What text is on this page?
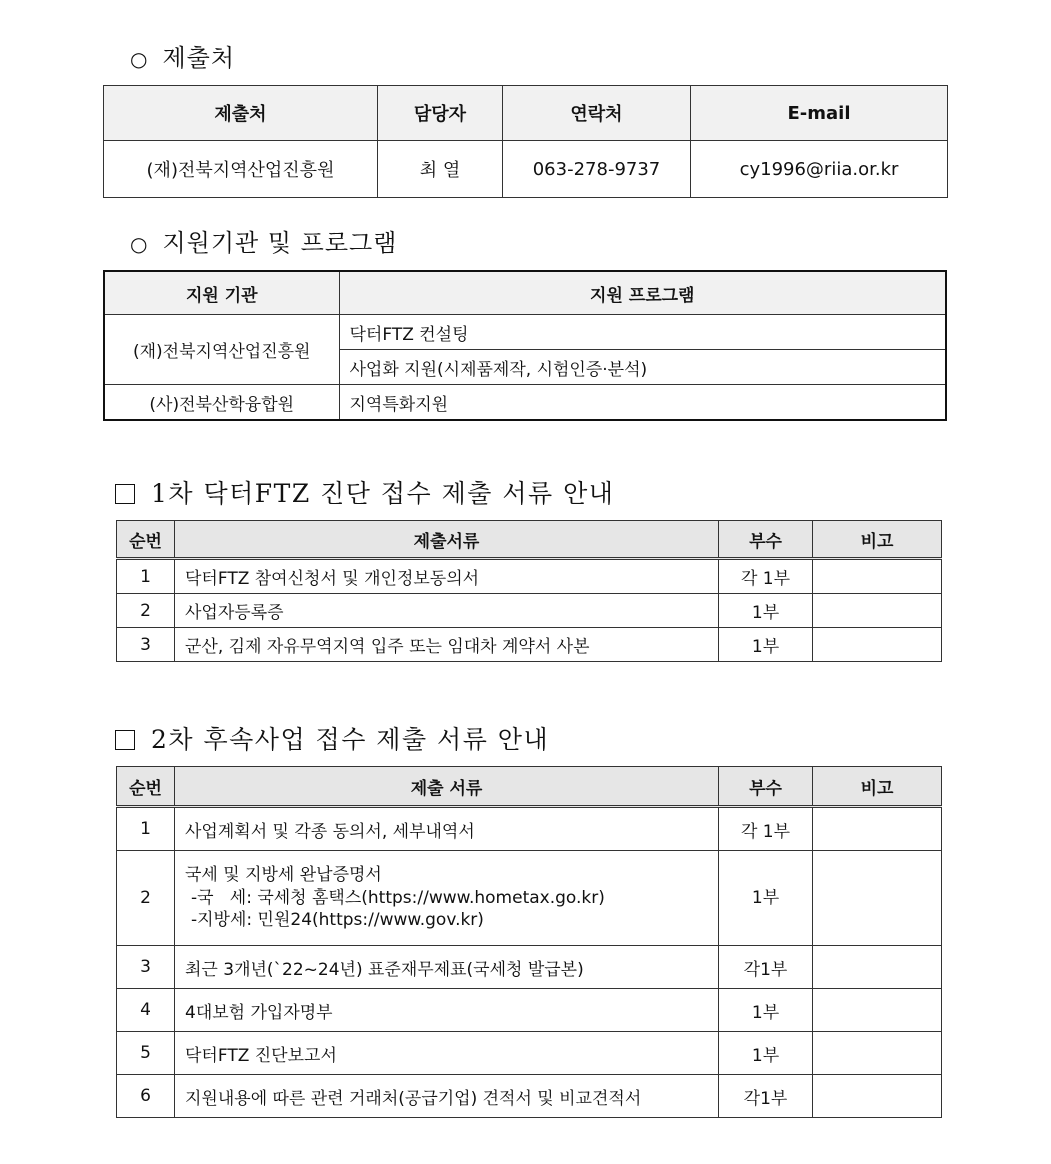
○ 제출처
제출처	담당자	연락처	E-mail
(재)전북지역산업진흥원	최 열	063-278-9737	cy1996@riia.or.kr
○ 지원기관 및 프로그램
지원 기관	지원 프로그램
(재)전북지역산업진흥원	닥터FTZ 컨설팅
	사업화 지원(시제품제작, 시험인증·분석)
(사)전북산학융합원	지역특화지원
1차 닥터FTZ 진단 접수 제출 서류 안내
순번	제출서류	부수	비고
1	닥터FTZ 참여신청서 및 개인정보동의서	각 1부	
2	사업자등록증	1부	
3	군산, 김제 자유무역지역 입주 또는 임대차 계약서 사본	1부	
2차 후속사업 접수 제출 서류 안내
순번	제출 서류	부수	비고
1	사업계획서 및 각종 동의서, 세부내역서	각 1부	
2	국세 및 지방세 완납증명서
-국   세: 국세청 홈택스(https://www.hometax.go.kr)
-지방세: 민원24(https://www.gov.kr)	1부	
3	최근 3개년(`22~24년) 표준재무제표(국세청 발급본)	각1부	
4	4대보험 가입자명부	1부	
5	닥터FTZ 진단보고서	1부	
6	지원내용에 따른 관련 거래처(공급기업) 견적서 및 비교견적서	각1부	
